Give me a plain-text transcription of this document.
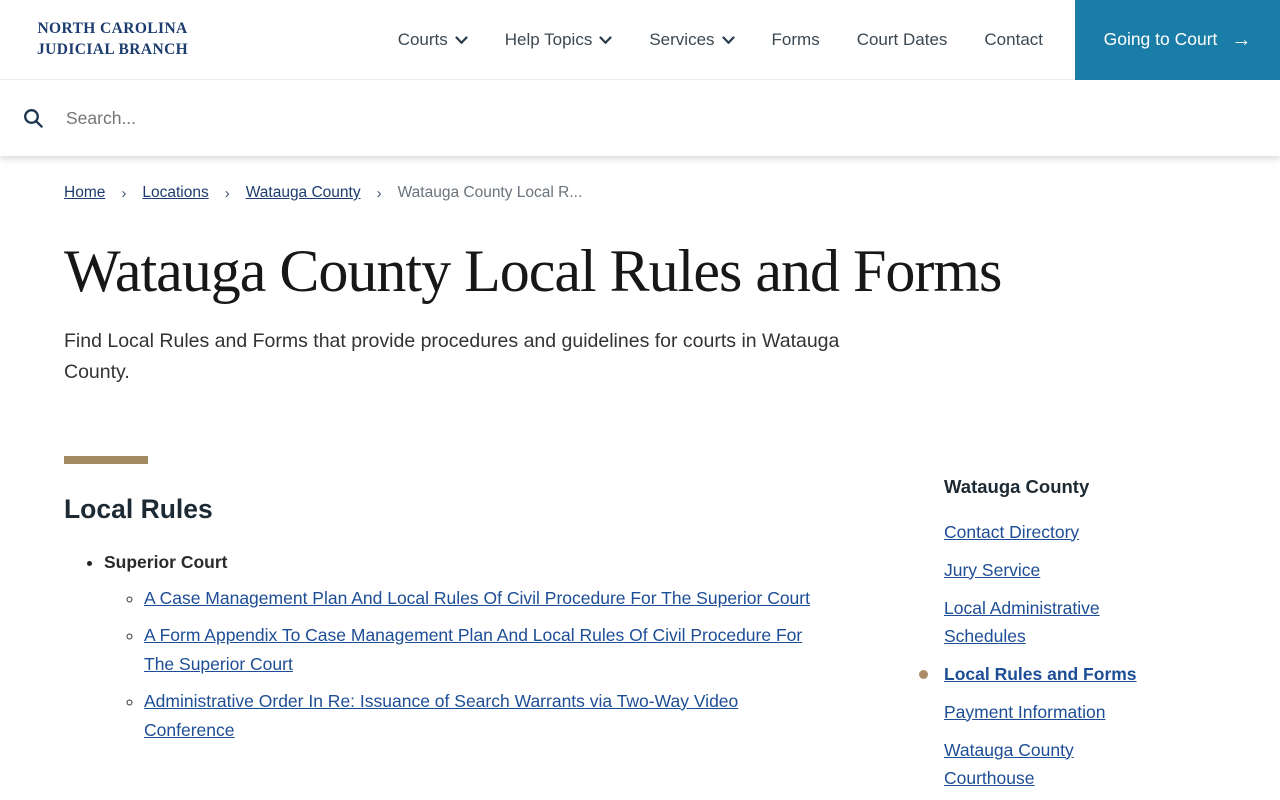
NORTH CAROLINA
JUDICIAL BRANCH
Courts	Help Topics	Services	Forms Court Dates Contact	Going to Court →
Search...
Home › Locations › Watauga County › Watauga County Local R...
Watauga County Local Rules and Forms

Find Local Rules and Forms that provide procedures and guidelines for courts in Watauga County.

Local Rules
• Superior Court
◦ A Case Management Plan And Local Rules Of Civil Procedure For The Superior Court
◦ A Form Appendix To Case Management Plan And Local Rules Of Civil Procedure For The Superior Court
◦ Administrative Order In Re: Issuance of Search Warrants via Two-Way Video Conference
Watauga County
Contact Directory
Jury Service
Local Administrative Schedules
Local Rules and Forms
Payment Information
Watauga County Courthouse
